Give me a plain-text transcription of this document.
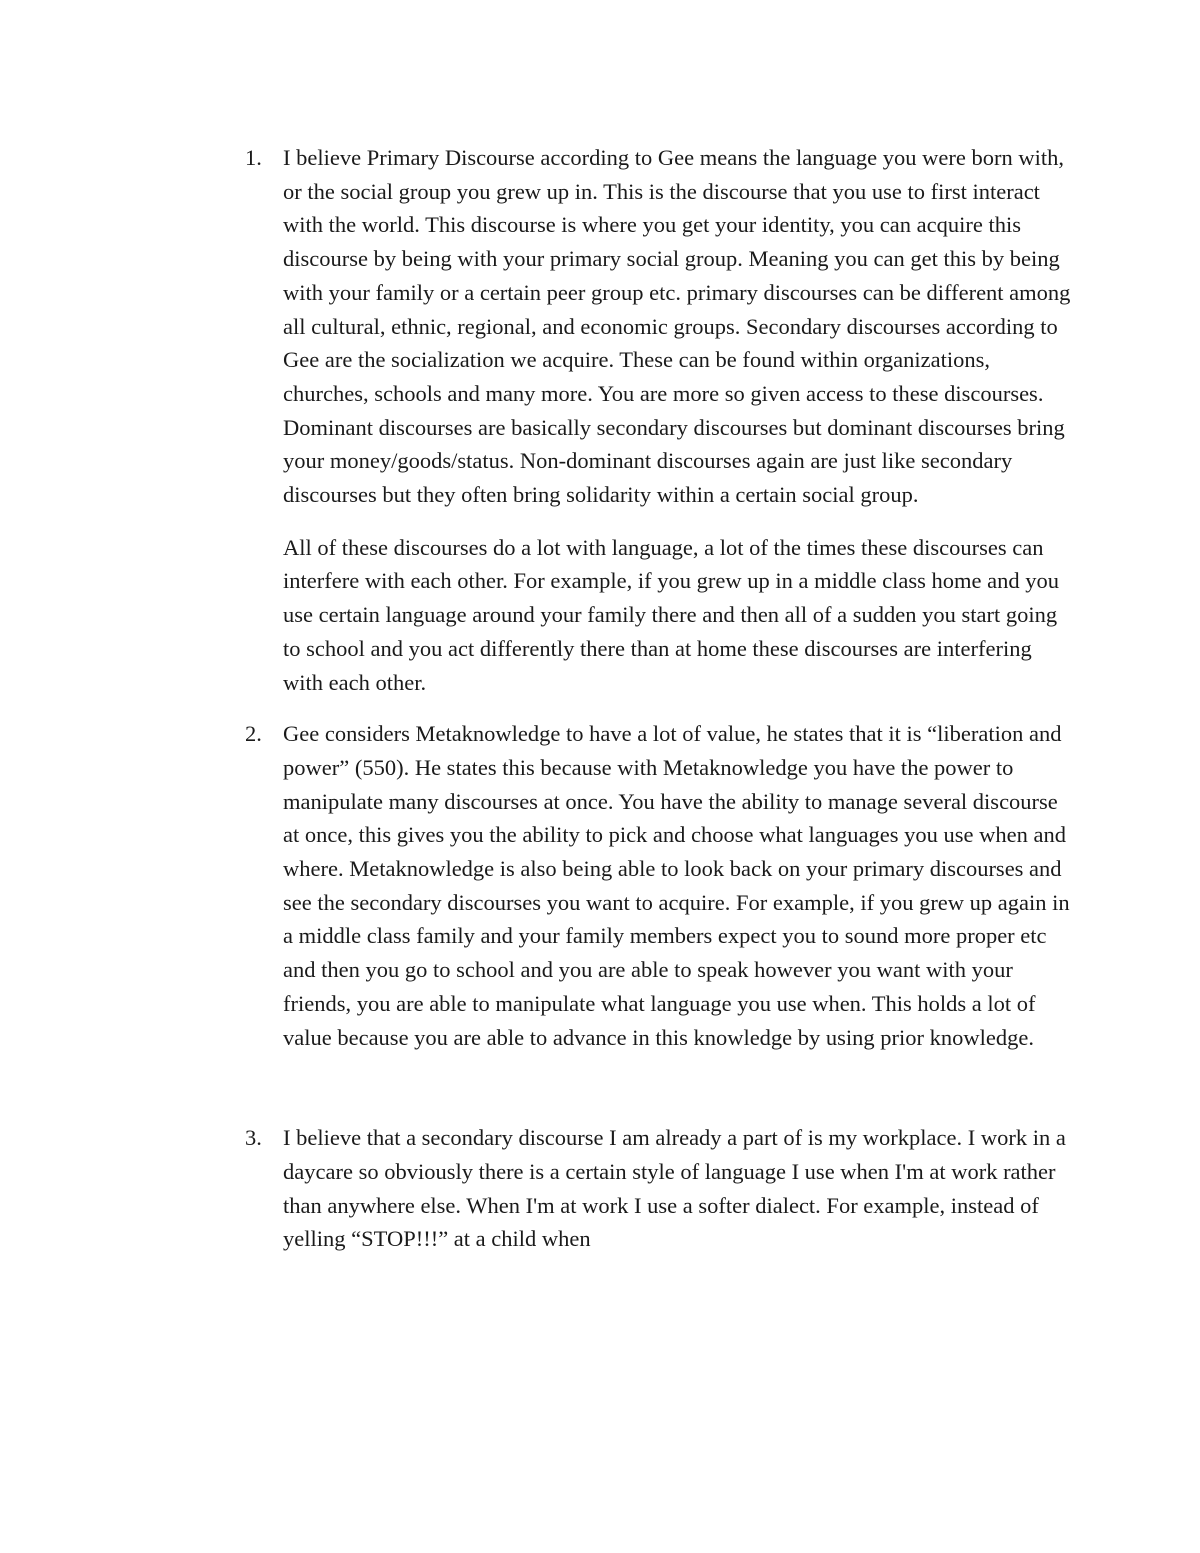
1. I believe Primary Discourse according to Gee means the language you were born with, or the social group you grew up in. This is the discourse that you use to first interact with the world. This discourse is where you get your identity, you can acquire this discourse by being with your primary social group. Meaning you can get this by being with your family or a certain peer group etc. primary discourses can be different among all cultural, ethnic, regional, and economic groups. Secondary discourses according to Gee are the socialization we acquire. These can be found within organizations, churches, schools and many more. You are more so given access to these discourses. Dominant discourses are basically secondary discourses but dominant discourses bring your money/goods/status. Non-dominant discourses again are just like secondary discourses but they often bring solidarity within a certain social group.

All of these discourses do a lot with language, a lot of the times these discourses can interfere with each other. For example, if you grew up in a middle class home and you use certain language around your family there and then all of a sudden you start going to school and you act differently there than at home these discourses are interfering with each other.

2. Gee considers Metaknowledge to have a lot of value, he states that it is “liberation and power” (550). He states this because with Metaknowledge you have the power to manipulate many discourses at once. You have the ability to manage several discourse at once, this gives you the ability to pick and choose what languages you use when and where. Metaknowledge is also being able to look back on your primary discourses and see the secondary discourses you want to acquire. For example, if you grew up again in a middle class family and your family members expect you to sound more proper etc and then you go to school and you are able to speak however you want with your friends, you are able to manipulate what language you use when. This holds a lot of value because you are able to advance in this knowledge by using prior knowledge.

3. I believe that a secondary discourse I am already a part of is my workplace. I work in a daycare so obviously there is a certain style of language I use when I'm at work rather than anywhere else. When I'm at work I use a softer dialect. For example, instead of yelling “STOP!!!” at a child when
